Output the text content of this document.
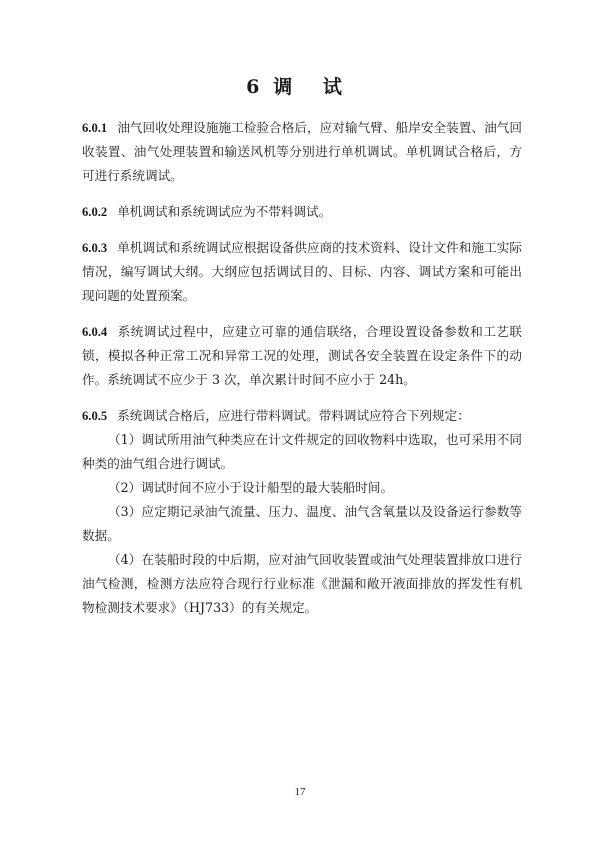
6 调 试

6.0.1 油气回收处理设施施工检验合格后，应对输气臂、船岸安全装置、油气回收装置、油气处理装置和输送风机等分别进行单机调试。单机调试合格后，方可进行系统调试。

6.0.2 单机调试和系统调试应为不带料调试。

6.0.3 单机调试和系统调试应根据设备供应商的技术资料、设计文件和施工实际情况，编写调试大纲。大纲应包括调试目的、目标、内容、调试方案和可能出现问题的处置预案。

6.0.4 系统调试过程中，应建立可靠的通信联络，合理设置设备参数和工艺联锁，模拟各种正常工况和异常工况的处理，测试各安全装置在设定条件下的动作。系统调试不应少于 3 次，单次累计时间不应小于 24h。

6.0.5 系统调试合格后，应进行带料调试。带料调试应符合下列规定：

（1）调试所用油气种类应在计文件规定的回收物料中选取，也可采用不同种类的油气组合进行调试。

（2）调试时间不应小于设计船型的最大装船时间。

（3）应定期记录油气流量、压力、温度、油气含氧量以及设备运行参数等数据。

（4）在装船时段的中后期，应对油气回收装置或油气处理装置排放口进行油气检测，检测方法应符合现行行业标准《泄漏和敞开液面排放的挥发性有机物检测技术要求》（HJ733）的有关规定。

17
